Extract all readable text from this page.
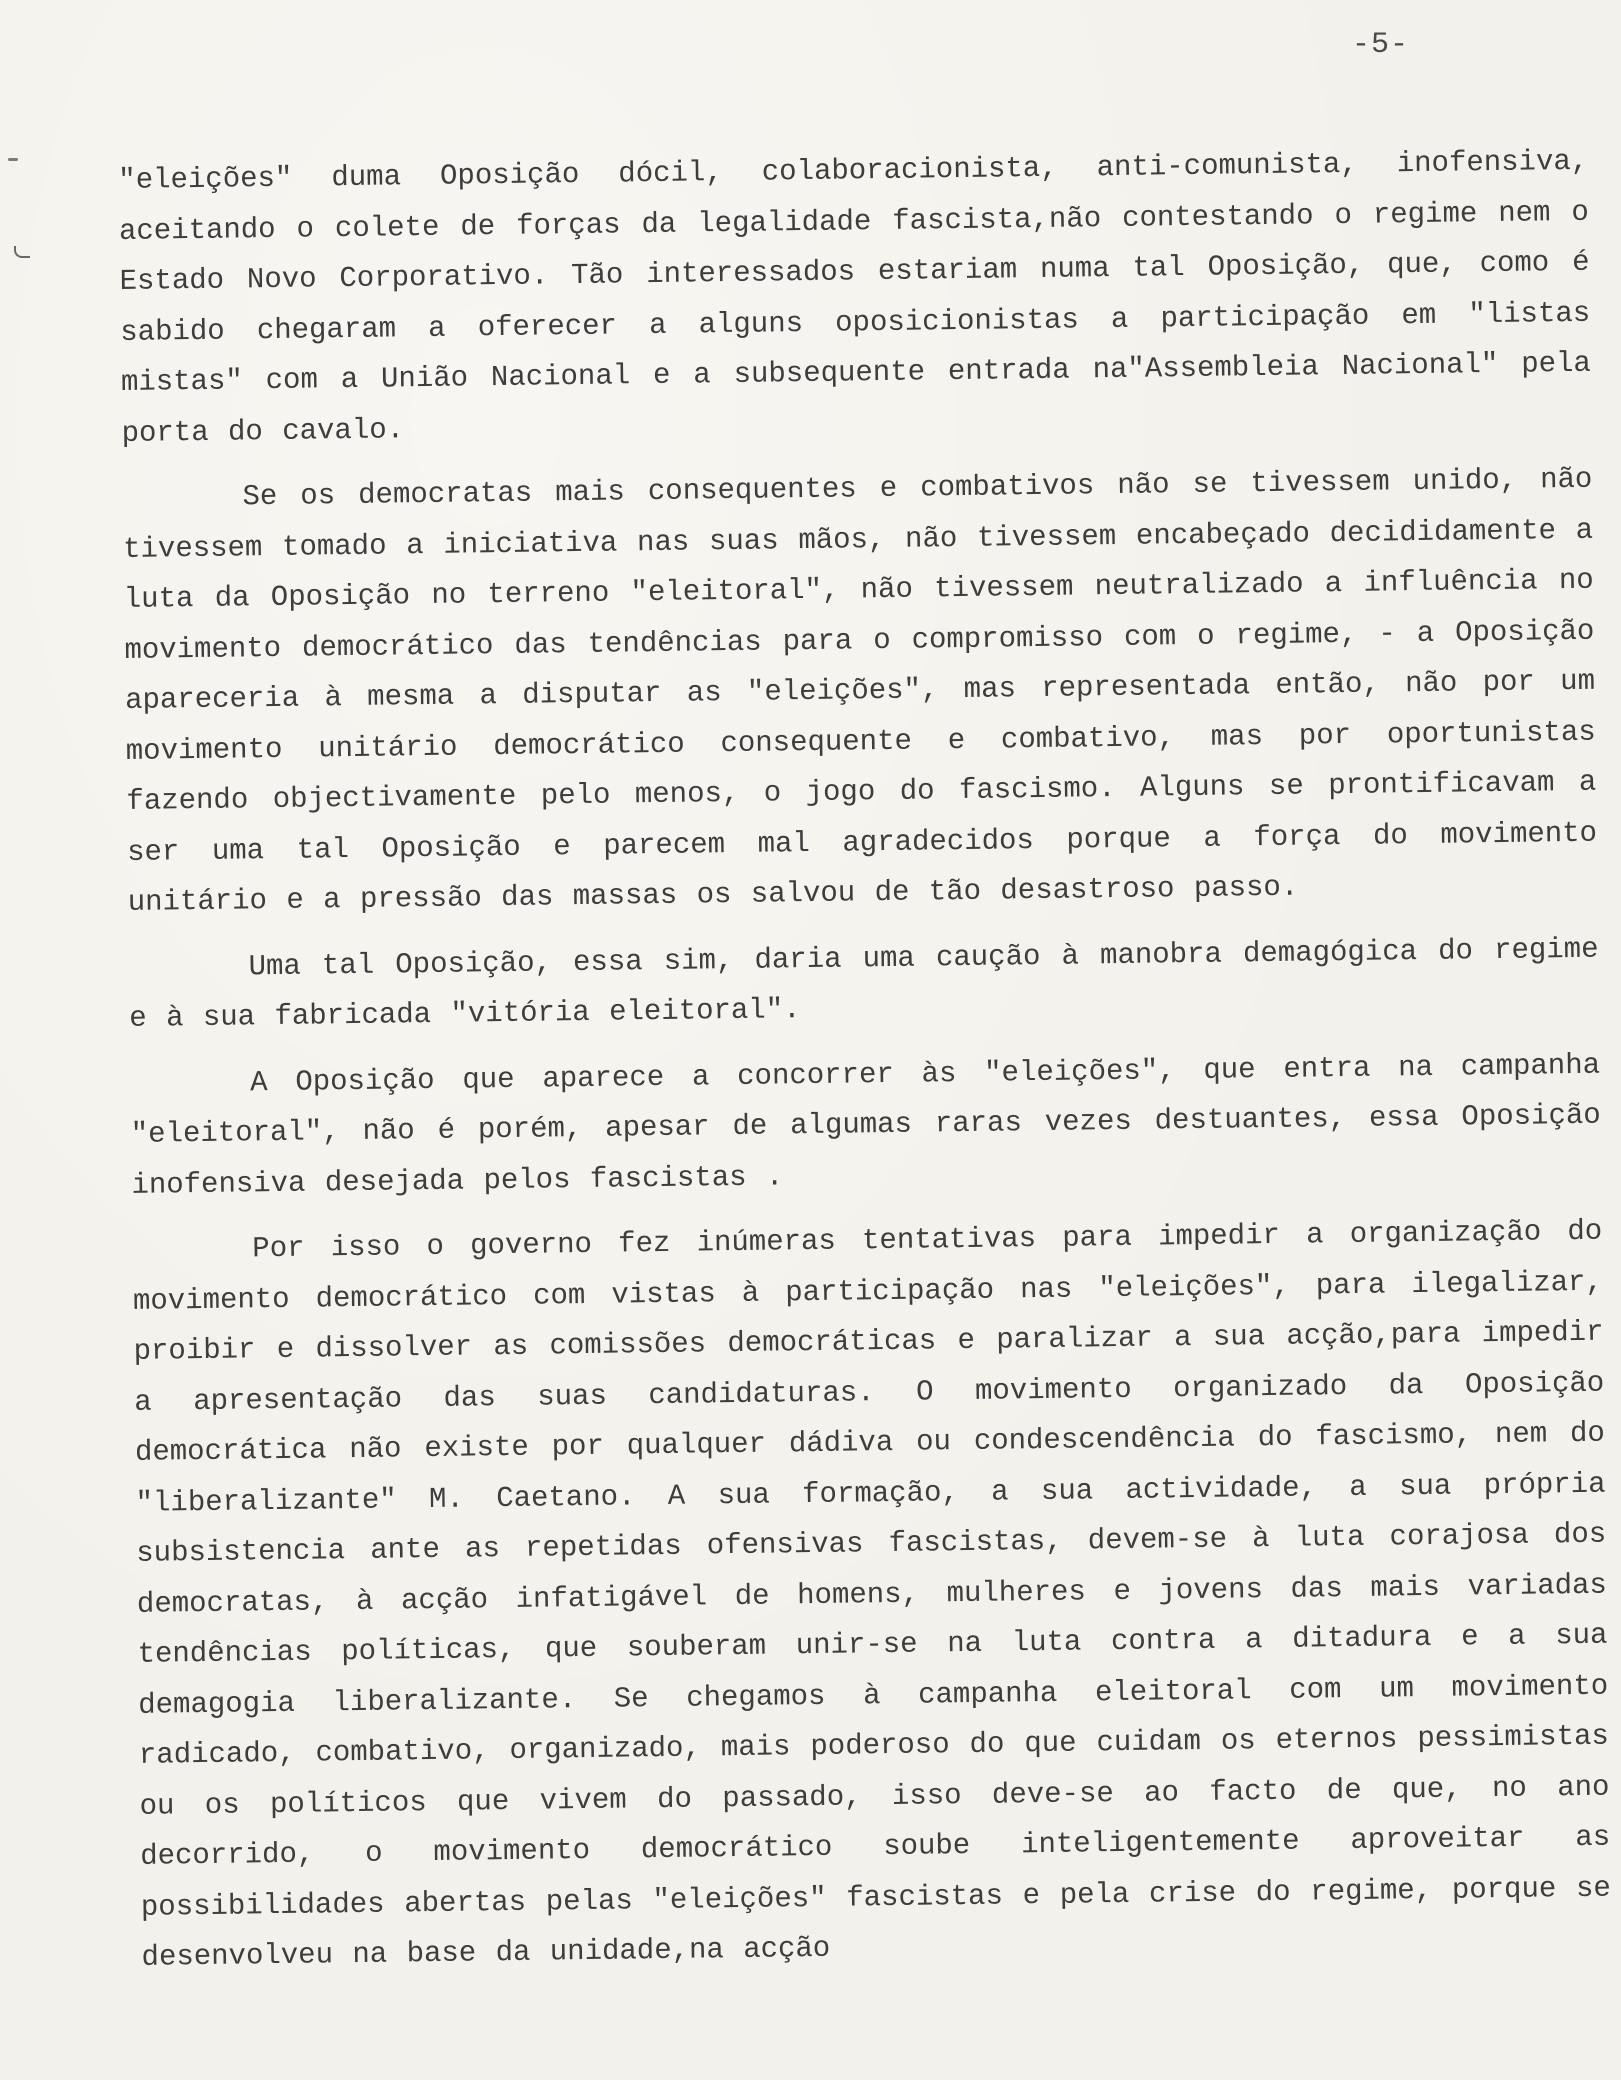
-5-

"eleições" duma Oposição dócil, colaboracionista, anti-comunista, inofensiva, aceitando o colete de forças da legalidade fascista,não contestando o regime nem o Estado Novo Corporativo. Tão interessados estariam numa tal Oposição, que, como é sabido chegaram a oferecer a alguns oposicionistas a participação em "listas mistas" com a União Nacional e a subsequente entrada na"Assembleia Nacional" pela porta do cavalo.

Se os democratas mais consequentes e combativos não se tivessem unido, não tivessem tomado a iniciativa nas suas mãos, não tivessem encabeçado decididamente a luta da Oposição no terreno "eleitoral", não tivessem neutralizado a influência no movimento democrático das tendências para o compromisso com o regime, - a Oposição apareceria à mesma a disputar as "eleições", mas representada então, não por um movimento unitário democrático consequente e combativo, mas por oportunistas fazendo objectivamente pelo menos, o jogo do fascismo. Alguns se prontificavam a ser uma tal Oposição e parecem mal agradecidos porque a força do movimento unitário e a pressão das massas os salvou de tão desastroso passo.

Uma tal Oposição, essa sim, daria uma caução à manobra demagógica do regime e à sua fabricada "vitória eleitoral".

A Oposição que aparece a concorrer às "eleições", que entra na campanha "eleitoral", não é porém, apesar de algumas raras vezes destuantes, essa Oposição inofensiva desejada pelos fascistas .

Por isso o governo fez inúmeras tentativas para impedir a organização do movimento democrático com vistas à participação nas "eleições", para ilegalizar, proibir e dissolver as comissões democráticas e paralizar a sua acção,para impedir a apresentação das suas candidaturas. O movimento organizado da Oposição democrática não existe por qualquer dádiva ou condescendência do fascismo, nem do "liberalizante" M. Caetano. A sua formação, a sua actividade, a sua própria subsistencia ante as repetidas ofensivas fascistas, devem-se à luta corajosa dos democratas, à acção infatigável de homens, mulheres e jovens das mais variadas tendências políticas, que souberam unir-se na luta contra a ditadura e a sua demagogia liberalizante. Se chegamos à campanha eleitoral com um movimento radicado, combativo, organizado, mais poderoso do que cuidam os eternos pessimistas ou os políticos que vivem do passado, isso deve-se ao facto de que, no ano decorrido, o movimento democrático soube inteligentemente aproveitar as possibilidades abertas pelas "eleições" fascistas e pela crise do regime, porque se desenvolveu na base da unidade,na acção
